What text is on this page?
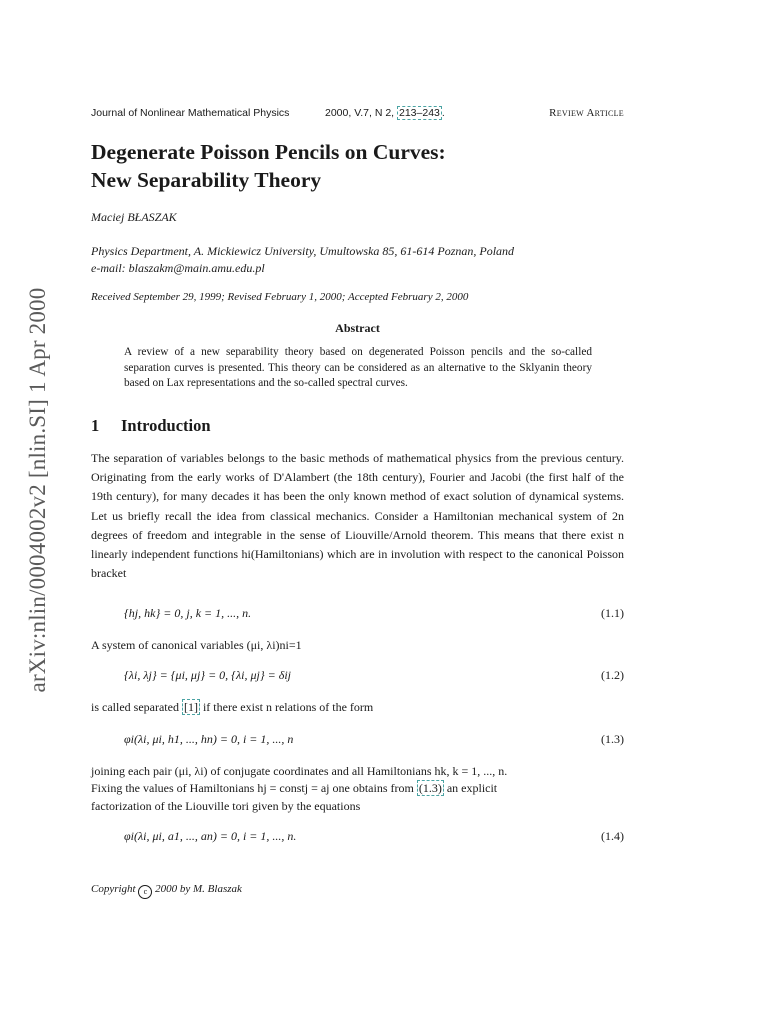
arXiv:nlin/0004002v2 [nlin.SI] 1 Apr 2000
Journal of Nonlinear Mathematical Physics	2000, V.7, N 2, 213–243 .	Review Article
Degenerate Poisson Pencils on Curves:
New Separability Theory
Maciej BŁASZAK
Physics Department, A. Mickiewicz University, Umultowska 85, 61-614 Poznan, Poland
e-mail: blaszakm@main.amu.edu.pl
Received September 29, 1999; Revised February 1, 2000; Accepted February 2, 2000
Abstract
A review of a new separability theory based on degenerated Poisson pencils and the so-called separation curves is presented. This theory can be considered as an alternative to the Sklyanin theory based on Lax representations and the so-called spectral curves.
1 Introduction
The separation of variables belongs to the basic methods of mathematical physics from the previous century. Originating from the early works of D'Alambert (the 18th century), Fourier and Jacobi (the first half of the 19th century), for many decades it has been the only known method of exact solution of dynamical systems. Let us briefly recall the idea from classical mechanics. Consider a Hamiltonian mechanical system of 2n degrees of freedom and integrable in the sense of Liouville/Arnold theorem. This means that there exist n linearly independent functions hi(Hamiltonians) which are in involution with respect to the canonical Poisson bracket
{hj, hk} = 0, j, k = 1, ..., n.	(1.1)
A system of canonical variables (μi, λi)ni=1
{λi, λj} = {μi, μj} = 0, {λi, μj} = δij	(1.2)
is called separated [1] if there exist n relations of the form
φi(λi, μi, h1, ..., hn) = 0, i = 1, ..., n	(1.3)
joining each pair (μi, λi) of conjugate coordinates and all Hamiltonians hk, k = 1, ..., n.
Fixing the values of Hamiltonians hj = constj = aj one obtains from (1.3) an explicit
factorization of the Liouville tori given by the equations
φi(λi, μi, a1, ..., an) = 0, i = 1, ..., n.	(1.4)
Copyright c 2000 by M. Blaszak
